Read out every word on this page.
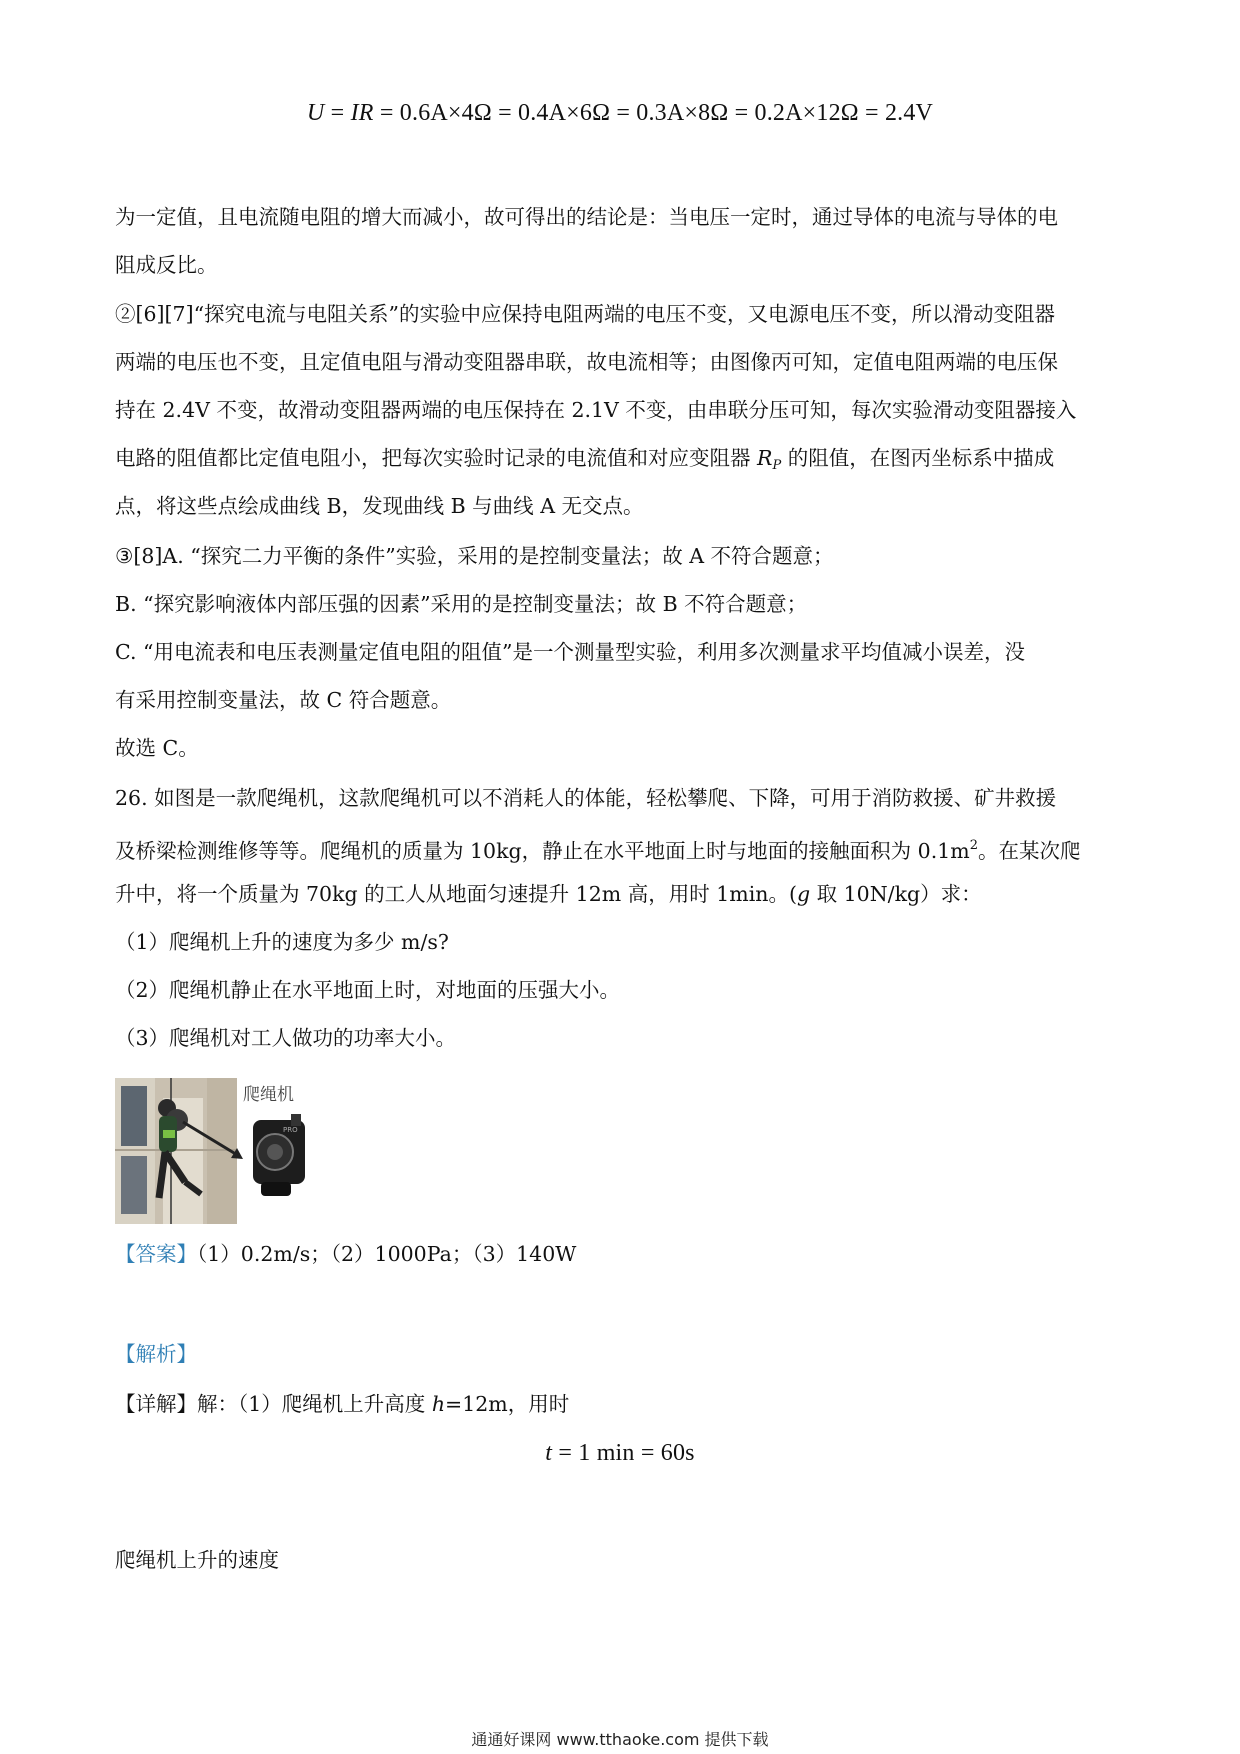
U = IR = 0.6A×4Ω = 0.4A×6Ω = 0.3A×8Ω = 0.2A×12Ω = 2.4V
为一定值，且电流随电阻的增大而减小，故可得出的结论是：当电压一定时，通过导体的电流与导体的电
阻成反比。
②[6][7]“探究电流与电阻关系”的实验中应保持电阻两端的电压不变，又电源电压不变，所以滑动变阻器
两端的电压也不变，且定值电阻与滑动变阻器串联，故电流相等；由图像丙可知，定值电阻两端的电压保
持在 2.4V 不变，故滑动变阻器两端的电压保持在 2.1V 不变，由串联分压可知，每次实验滑动变阻器接入
电路的阻值都比定值电阻小，把每次实验时记录的电流值和对应变阻器 $R_P$ 的阻值，在图丙坐标系中描成
点，将这些点绘成曲线 B，发现曲线 B 与曲线 A 无交点。
③[8]A. “探究二力平衡的条件”实验，采用的是控制变量法；故 A 不符合题意；
B. “探究影响液体内部压强的因素”采用的是控制变量法；故 B 不符合题意；
C. “用电流表和电压表测量定值电阻的阻值”是一个测量型实验，利用多次测量求平均值减小误差，没
有采用控制变量法，故 C 符合题意。
故选 C。
26. 如图是一款爬绳机，这款爬绳机可以不消耗人的体能，轻松攀爬、下降，可用于消防救援、矿井救援
及桥梁检测维修等等。爬绳机的质量为 10kg，静止在水平地面上时与地面的接触面积为 $0.1m^2$。在某次爬
升中，将一个质量为 70kg 的工人从地面匀速提升 12m 高，用时 1min。(g 取 10N/kg）求：
（1）爬绳机上升的速度为多少 m/s?
（2）爬绳机静止在水平地面上时，对地面的压强大小。
（3）爬绳机对工人做功的功率大小。
爬绳机
PRO
【答案】（1）0.2m/s；（2）1000Pa；（3）140W
【解析】
【详解】解：（1）爬绳机上升高度 h=12m，用时
t = 1 min = 60s
爬绳机上升的速度
通通好课网 www.tthaoke.com 提供下载
